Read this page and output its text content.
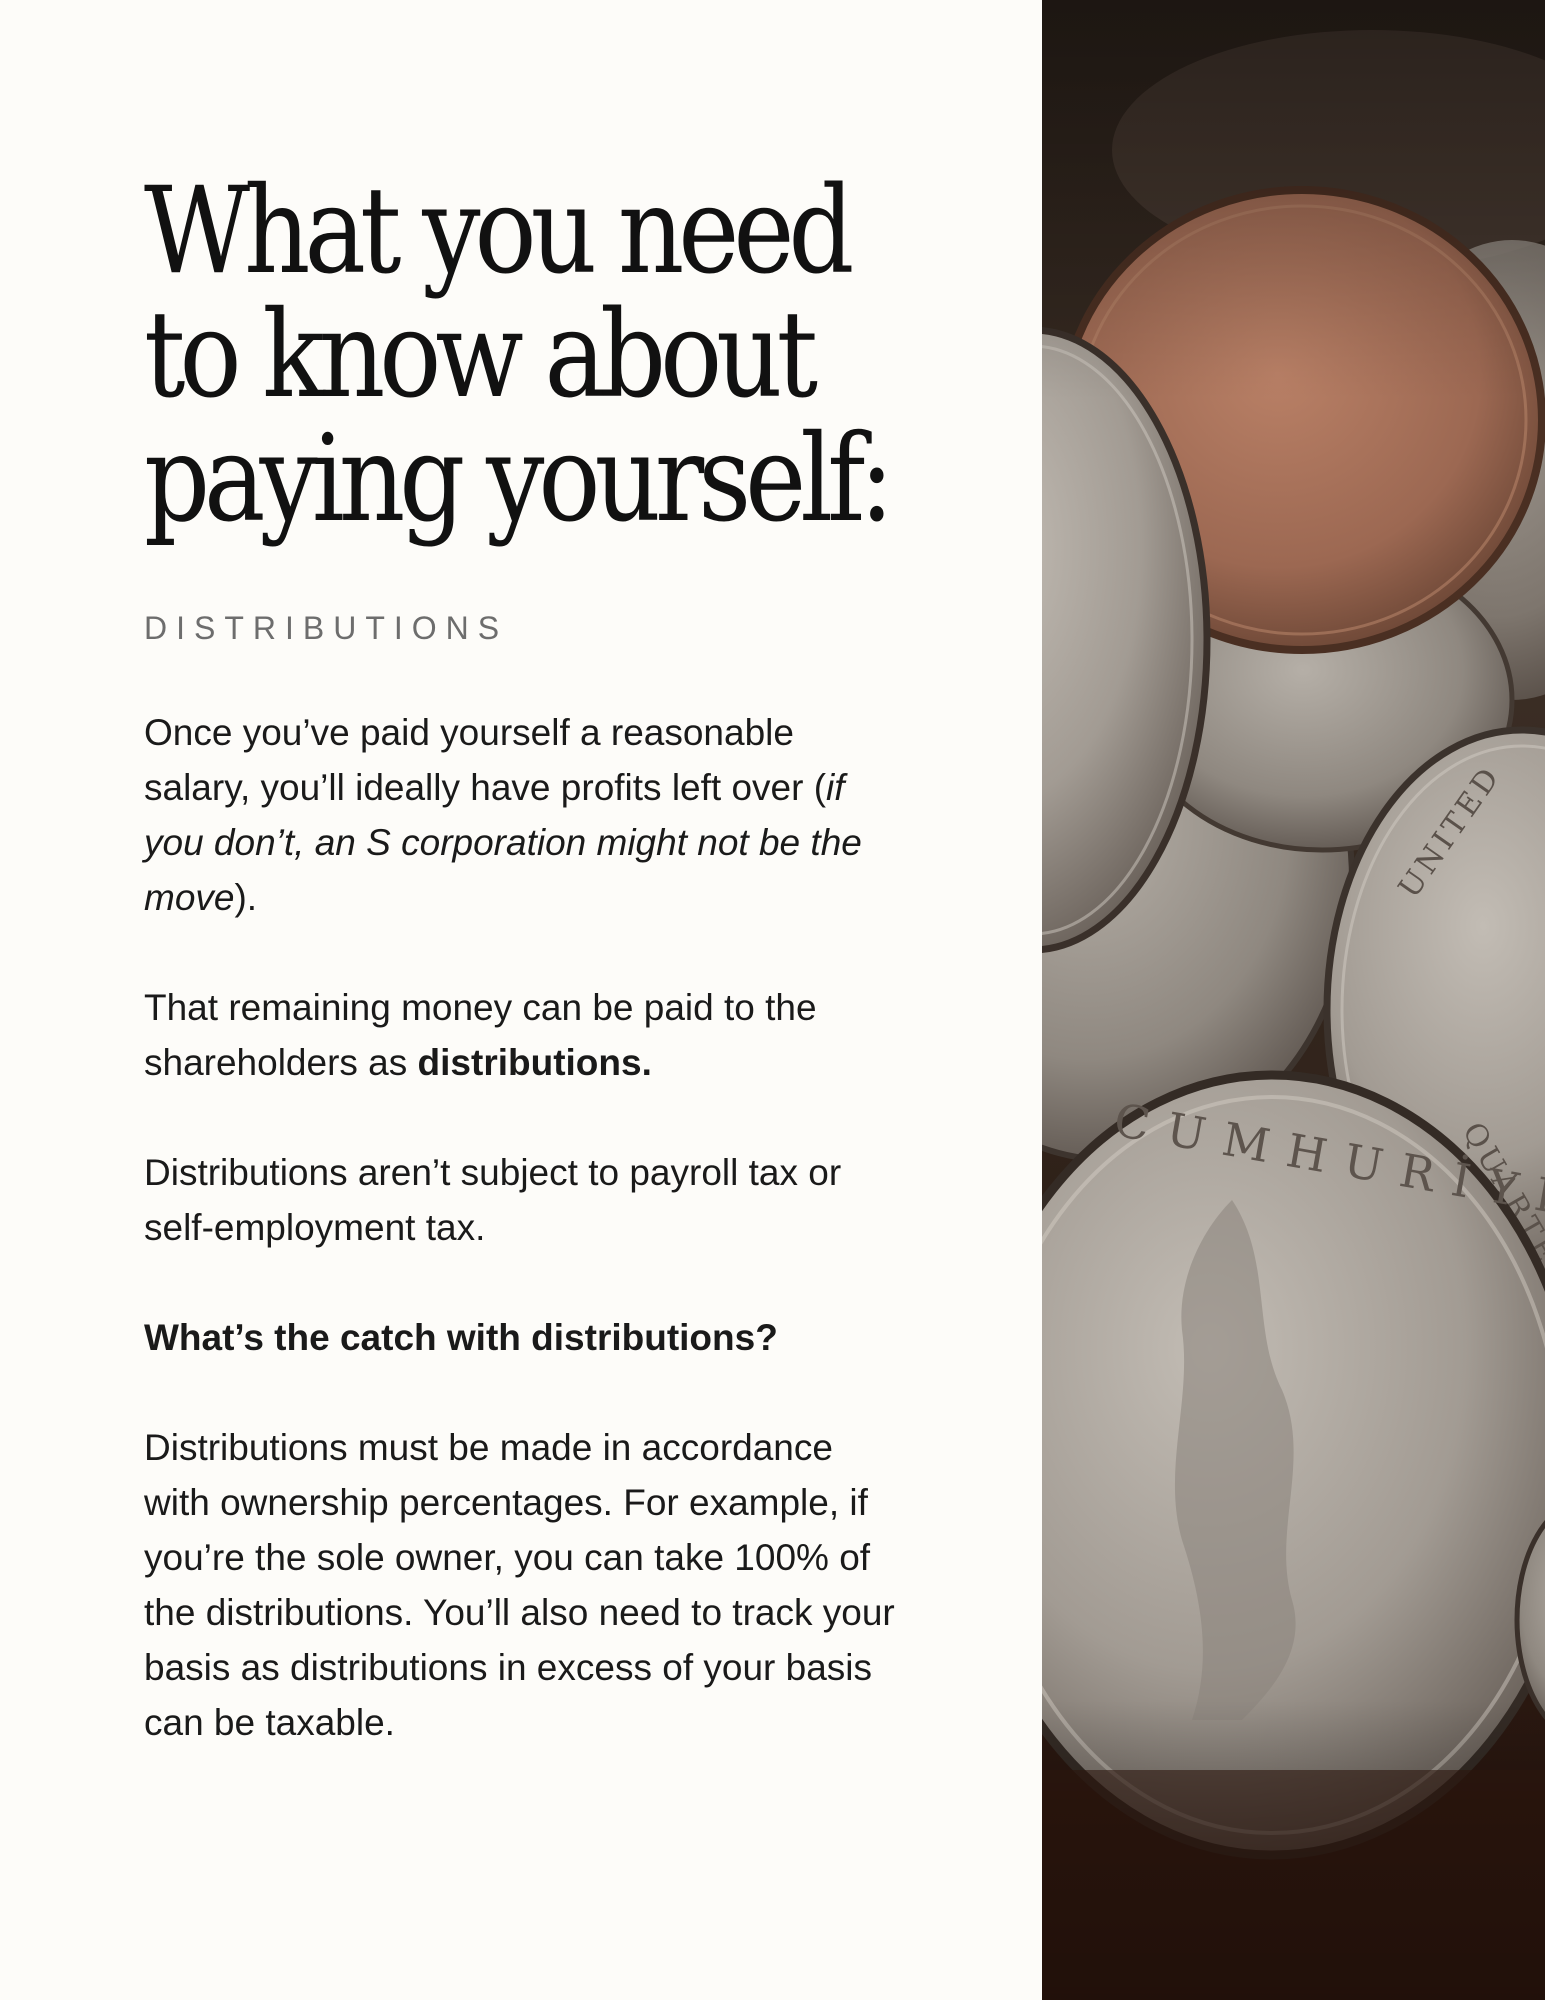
What you need
to know about
paying yourself:
DISTRIBUTIONS

Once you’ve paid yourself a reasonable salary, you’ll ideally have profits left over (if you don’t, an S corporation might not be the move).

That remaining money can be paid to the shareholders as distributions.

Distributions aren’t subject to payroll tax or self-employment tax.

What’s the catch with distributions?

Distributions must be made in accordance with ownership percentages. For example, if you’re the sole owner, you can take 100% of the distributions. You’ll also need to track your basis as distributions in excess of your basis can be taxable.
